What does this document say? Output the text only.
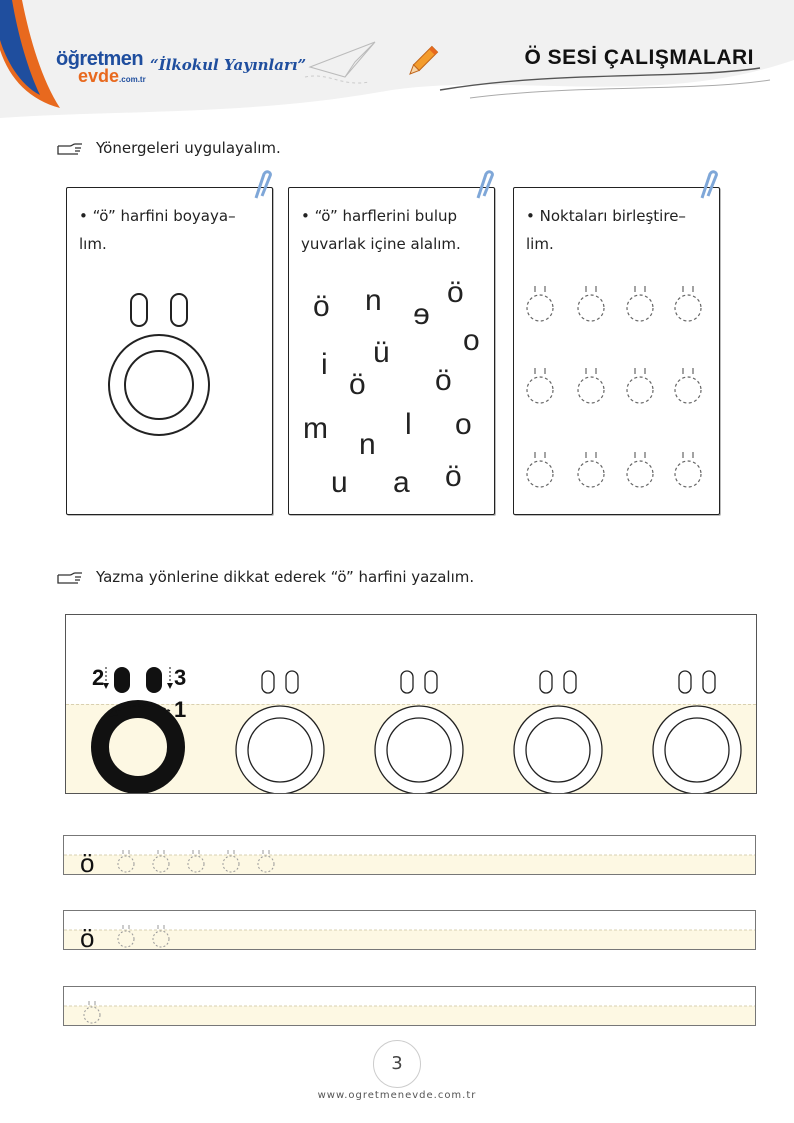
öğretmen
evde.com.tr
“İlkokul Yayınları”	Ö SESİ ÇALIŞMALARI
Yönergeleri uygulayalım.
• “ö” harfini boyaya–
lım.
• “ö” harflerini bulup
yuvarlak içine alalım.
ö n e
ö
o
i ü
ö ö
m	l o
n
u a ö
• Noktaları birleştire–
lim.
Yazma yönlerine dikkat ederek “ö” harfini yazalım.
2	3
1
ö
ö
3
www.ogretmenevde.com.tr
